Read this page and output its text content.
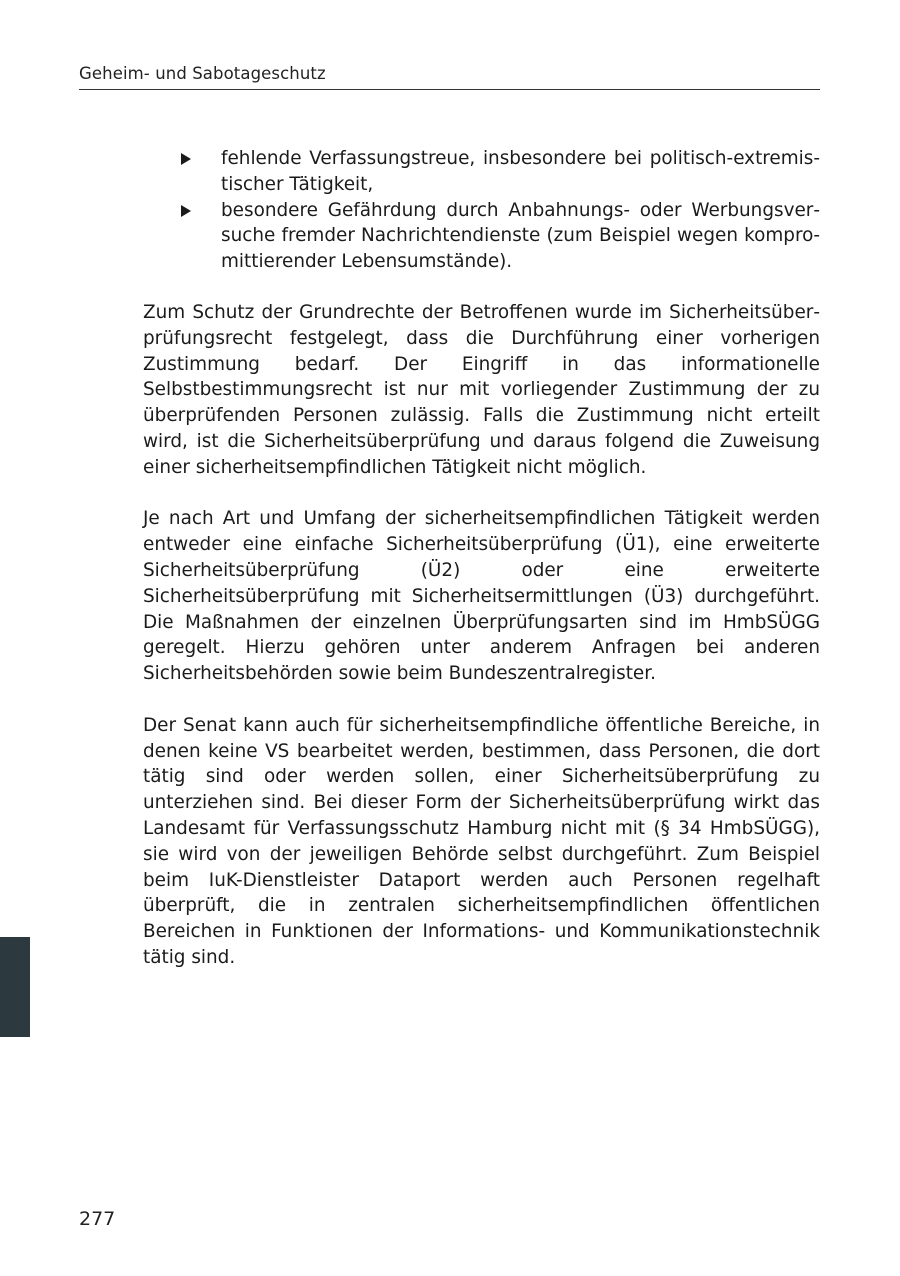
Geheim- und Sabotageschutz
fehlende Verfassungstreue, insbesondere bei politisch-extremistischer Tätigkeit,
besondere Gefährdung durch Anbahnungs- oder Werbungsversuche fremder Nachrichtendienste (zum Beispiel wegen kompromittierender Lebensumstände).

Zum Schutz der Grundrechte der Betroffenen wurde im Sicherheitsüberprüfungsrecht festgelegt, dass die Durchführung einer vorherigen Zustimmung bedarf. Der Eingriff in das informationelle Selbstbestimmungsrecht ist nur mit vorliegender Zustimmung der zu überprüfenden Personen zulässig. Falls die Zustimmung nicht erteilt wird, ist die Sicherheitsüberprüfung und daraus folgend die Zuweisung einer sicherheitsempfindlichen Tätigkeit nicht möglich.

Je nach Art und Umfang der sicherheitsempfindlichen Tätigkeit werden entweder eine einfache Sicherheitsüberprüfung (Ü1), eine erweiterte Sicherheitsüberprüfung (Ü2) oder eine erweiterte Sicherheitsüberprüfung mit Sicherheitsermittlungen (Ü3) durchgeführt. Die Maßnahmen der einzelnen Überprüfungsarten sind im HmbSÜGG geregelt. Hierzu gehören unter anderem Anfragen bei anderen Sicherheitsbehörden sowie beim Bundeszentralregister.

Der Senat kann auch für sicherheitsempfindliche öffentliche Bereiche, in denen keine VS bearbeitet werden, bestimmen, dass Personen, die dort tätig sind oder werden sollen, einer Sicherheitsüberprüfung zu unterziehen sind. Bei dieser Form der Sicherheitsüberprüfung wirkt das Landesamt für Verfassungsschutz Hamburg nicht mit (§ 34 HmbSÜGG), sie wird von der jeweiligen Behörde selbst durchgeführt. Zum Beispiel beim IuK-Dienstleister Dataport werden auch Personen regelhaft überprüft, die in zentralen sicherheitsempfindlichen öffentlichen Bereichen in Funktionen der Informations- und Kommunikationstechnik tätig sind.

277
